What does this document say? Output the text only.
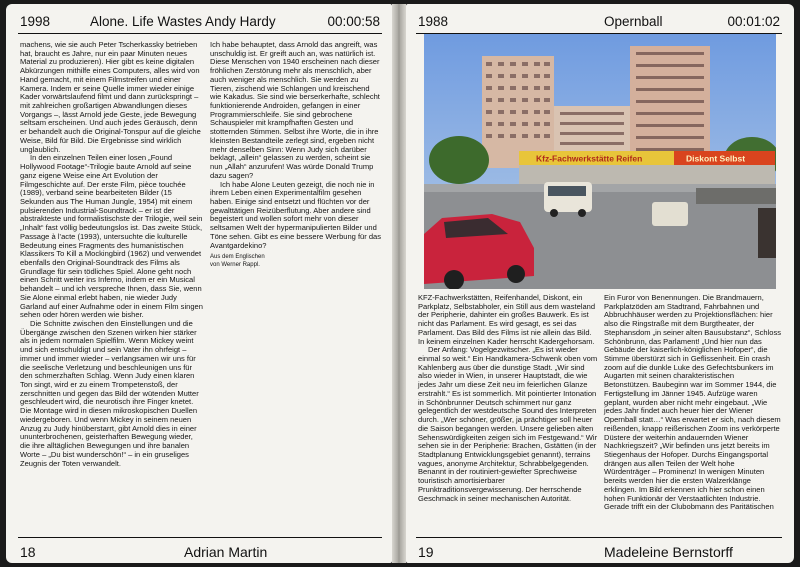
1998	Alone. Life Wastes Andy Hardy	00:00:58

machens, wie sie auch Peter Tscherkassky betrieben hat, braucht es Jahre, nur ein paar Minuten neues Material zu produzieren). Hier gibt es keine digitalen Abkürzungen mithilfe eines Computers, alles wird von Hand gemacht, mit einem Filmstreifen und einer Kamera. Indem er seine Quelle immer wieder einige Kader vorwärtslaufend filmt und dann zurückspringt – mit zahlreichen großartigen Abwandlungen dieses Vorgangs –, lässt Arnold jede Geste, jede Bewegung seltsam erscheinen. Und auch jedes Geräusch, denn er behandelt auch die Original-Tonspur auf die gleiche Weise, Bild für Bild. Die Ergebnisse sind wirklich unglaublich.

In den einzelnen Teilen einer losen „Found Hollywood Footage“-Trilogie baute Arnold auf seine ganz eigene Weise eine Art Evolution der Filmgeschichte auf. Der erste Film, pièce touchée (1989), verband seine bearbeiteten Bilder (15 Sekunden aus The Human Jungle, 1954) mit einem pulsierenden Industrial-Soundtrack – er ist der abstrakteste und formalistischste der Trilogie, weil sein „Inhalt“ fast völlig bedeutungslos ist. Das zweite Stück, Passage à l’acte (1993), untersuchte die kulturelle Bedeutung eines Fragments des humanistischen Klassikers To Kill a Mockingbird (1962) und verwendet ebenfalls den Original-Soundtrack des Films als Grundlage für sein tödliches Spiel. Alone geht noch einen Schritt weiter ins Inferno, indem er ein Musical behandelt – und ich verspreche Ihnen, dass Sie, wenn Sie Alone einmal erlebt haben, nie wieder Judy Garland auf einer Aufnahme oder in einem Film singen sehen oder hören werden wie bisher.

Die Schnitte zwischen den Einstellungen und die Übergänge zwischen den Szenen wirken hier stärker als in jedem normalen Spielfilm. Wenn Mickey weint und sich entschuldigt und sein Vater ihn ohrfeigt – immer und immer wieder – verlangsamen wir uns für die seelische Verletzung und beschleunigen uns für den schmerzhaften Schlag. Wenn Judy einen klaren Ton singt, wird er zu einem Trompetenstoß, der zerschnitten und gegen das Bild der wütenden Mutter geschleudert wird, die neurotisch ihre Finger knetet. Die Montage wird in diesen mikroskopischen Duellen wiedergeboren. Und wenn Mickey in seinem neuen Anzug zu Judy hinüberstarrt, gibt Arnold dies in einer ununterbrochenen, geisterhaften Bewegung wieder, die ihre alltäglichen Bewegungen und ihre banalen Worte – „Du bist wunderschön!“ – in ein gruseliges Zeugnis der Toten verwandelt.

Ich habe behauptet, dass Arnold das angreift, was unschuldig ist. Er greift auch an, was natürlich ist. Diese Menschen von 1940 erscheinen nach dieser fröhlichen Zerstörung mehr als menschlich, aber auch weniger als menschlich. Sie werden zu Tieren, zischend wie Schlangen und kreischend wie Kakadus. Sie sind wie berserkerhafte, schlecht funktionierende Androiden, gefangen in einer Programmierschleife. Sie sind gebrochene Schauspieler mit krampfhaften Gesten und stotternden Stimmen. Selbst ihre Worte, die in ihre kleinsten Bestandteile zerlegt sind, ergeben nicht mehr denselben Sinn: Wenn Judy sich darüber beklagt, „allein“ gelassen zu werden, scheint sie nun „Allah“ anzurufen! Was würde Donald Trump dazu sagen?

Ich habe Alone Leuten gezeigt, die noch nie in ihrem Leben einen Experimentalfilm gesehen haben. Einige sind entsetzt und flüchten vor der gewalttätigen Reizüberflutung. Aber andere sind begeistert und wollen sofort mehr von dieser seltsamen Welt der hypermanipulierten Bilder und Töne sehen. Gibt es eine bessere Werbung für das Avantgardekino?

Aus dem Englischen
von Werner Rappl.
18	Adrian Martin
1988	Opernball	00:01:02
Kfz-Fachwerkstätte Reifen	Diskont Selbst

KFZ-Fachwerkstätten, Reifenhandel, Diskont, ein Parkplatz, Selbstabholer, ein Still aus dem wasteland der Peripherie, dahinter ein großes Bauwerk. Es ist nicht das Parlament. Es wird gesagt, es sei das Parlament. Das Bild des Films ist nie allein das Bild. In keinem einzelnen Kader herrscht Kadergehorsam.

Der Anfang: Vogelgezwitscher. „Es ist wieder einmal so weit.“ Ein Handkamera-Schwenk oben vom Kahlenberg aus über die dunstige Stadt. „Wir sind also wieder in Wien, in unserer Hauptstadt, die wie jedes Jahr um diese Zeit neu im feierlichen Glanze erstrahlt.“ Es ist sommerlich. Mit pointierter Intonation in Schönbrunner Deutsch schimmert nur ganz gelegentlich der westdeutsche Sound des Interpreten durch. „Wer schöner, größer, ja prächtiger soll heuer die Saison begangen werden. Unsere gelieben alten Sehenswürdigkeiten zeigen sich im Festgewand.“ Wir sehen sie in der Peripherie: Brachen, Gstätten (in der Stadtplanung Entwicklungsgebiet genannt), terrains vagues, anonyme Architektur, Schrabbelgegenden. Benannt in der routiniert-gewiefter Sprechweise touristisch amortisierbarer Prunktraditionsvergewisserung. Der herrschende Geschmack in seiner mechanischen Autorität.

Ein Furor von Benennungen. Die Brandmauern, Parkplatzöden am Stadtrand, Fahrbahnen und Abbruchhäuser werden zu Projektionsflächen: hier also die Ringstraße mit dem Burgtheater, der Stephansdom „in seiner alten Bausubstanz“, Schloss Schönbrunn, das Parlament! „Und hier nun das Gebäude der kaiserlich-königlichen Hofoper“, die Stimme überstürzt sich in Geflissenheit. Ein crash zoom auf die dunkle Luke des Gefechtsbunkers im Augarten mit seinen charakteristischen Betonstützen. Baubeginn war im Sommer 1944, die Fertigstellung im Jänner 1945. Aufzüge waren geplant, wurden aber nicht mehr eingebaut. „Wie jedes Jahr findet auch heuer hier der Wiener Opernball statt…“ Was erwartet er sich, nach diesem reißenden, knapp reißerischen Zoom ins verkörperte Düstere der weiterhin andauernden Wiener Nachkriegszeit? „Wir befinden uns jetzt bereits im Stiegenhaus der Hofoper. Durchs Eingangsportal drängen aus allen Teilen der Welt hohe Würdenträger – Prominenz! In wenigen Minuten bereits werden hier die ersten Walzerklänge erklingen. Im Bild erkennen ich hier schon einen hohen Funktionär der Verstaatlichten Industrie. Gerade trifft ein der Clubobmann des Paritätischen

19	Madeleine Bernstorff
